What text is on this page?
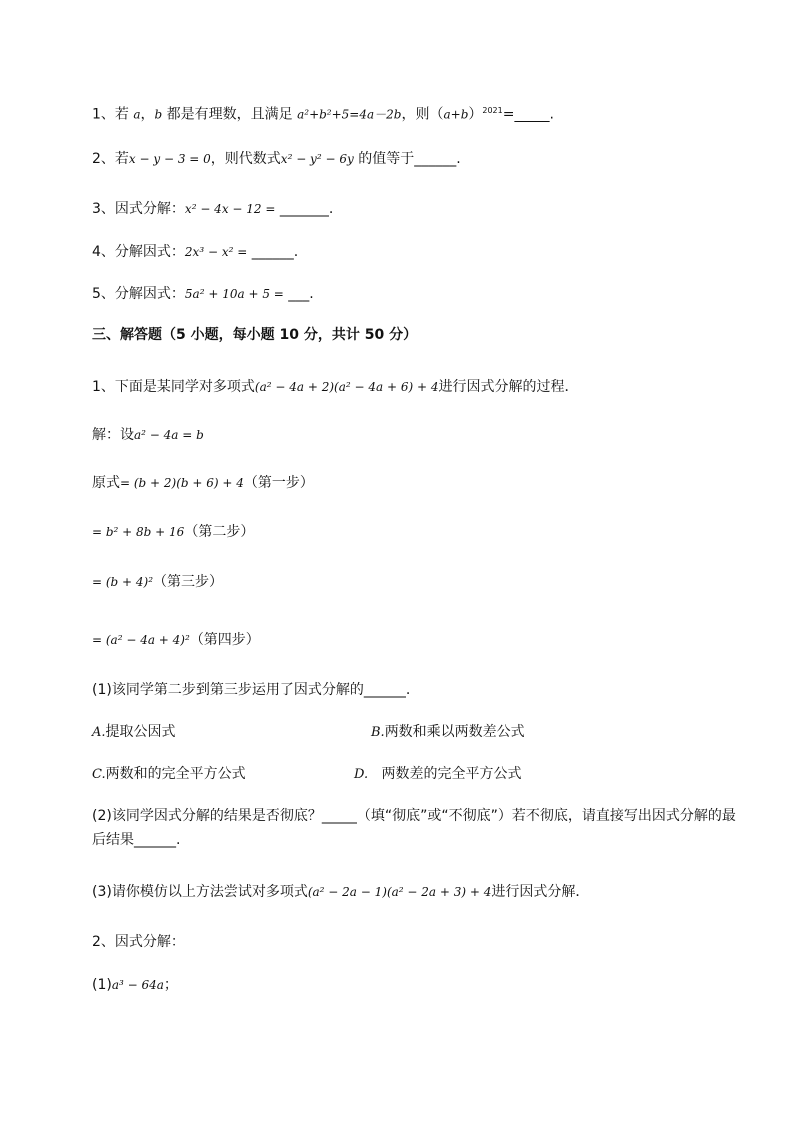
1、若 a，b 都是有理数，且满足 a²+b²+5=4a－2b，则$(a+b)^{2021}=\_\_\_\_\_$.
2、若x − y − 3 = 0，则代数式x² − y² − 6y 的值等于______.
3、因式分解：x² − 4x − 12 = _______.
4、分解因式：2x³ − x² = ______.
5、分解因式：5a² + 10a + 5 = ___.
三、解答题（5 小题，每小题 10 分，共计 50 分）
1、下面是某同学对多项式(a² − 4a + 2)(a² − 4a + 6) + 4进行因式分解的过程．
解：设a² − 4a = b
原式= (b + 2)(b + 6) + 4（第一步）
= b² + 8b + 16（第二步）
= (b + 4)²（第三步）
= (a² − 4a + 4)²（第四步）
(1)该同学第二步到第三步运用了因式分解的______.
A.提取公因式	B.两数和乘以两数差公式
C.两数和的完全平方公式	D. 两数差的完全平方公式
(2)该同学因式分解的结果是否彻底？_____（填“彻底”或“不彻底”）若不彻底，请直接写出因式分解的最后结果______.
(3)请你模仿以上方法尝试对多项式(a² − 2a − 1)(a² − 2a + 3) + 4进行因式分解．
2、因式分解：
(1)a³ − 64a；
